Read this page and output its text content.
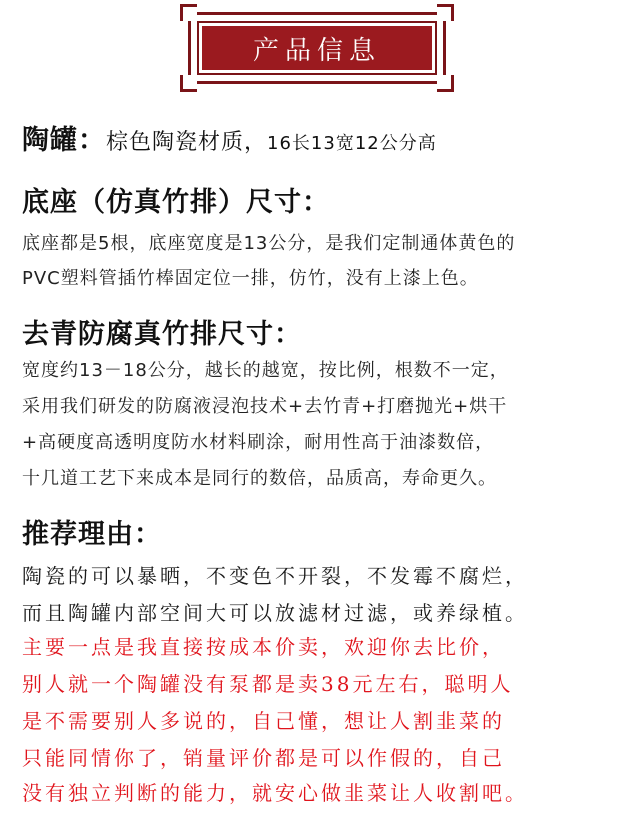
产品信息
陶罐：棕色陶瓷材质，16长13宽12公分高
底座（仿真竹排）尺寸：
底座都是5根，底座宽度是13公分，是我们定制通体黄色的
PVC塑料管插竹棒固定位一排，仿竹，没有上漆上色。
去青防腐真竹排尺寸：
宽度约13－18公分，越长的越宽，按比例，根数不一定，
采用我们研发的防腐液浸泡技术+去竹青+打磨抛光+烘干
+高硬度高透明度防水材料刷涂，耐用性高于油漆数倍，
十几道工艺下来成本是同行的数倍，品质高，寿命更久。
推荐理由：
陶瓷的可以暴晒，不变色不开裂，不发霉不腐烂，
而且陶罐内部空间大可以放滤材过滤，或养绿植。
主要一点是我直接按成本价卖，欢迎你去比价，
别人就一个陶罐没有泵都是卖38元左右，聪明人
是不需要别人多说的，自己懂，想让人割韭菜的
只能同情你了，销量评价都是可以作假的，自己
没有独立判断的能力，就安心做韭菜让人收割吧。
